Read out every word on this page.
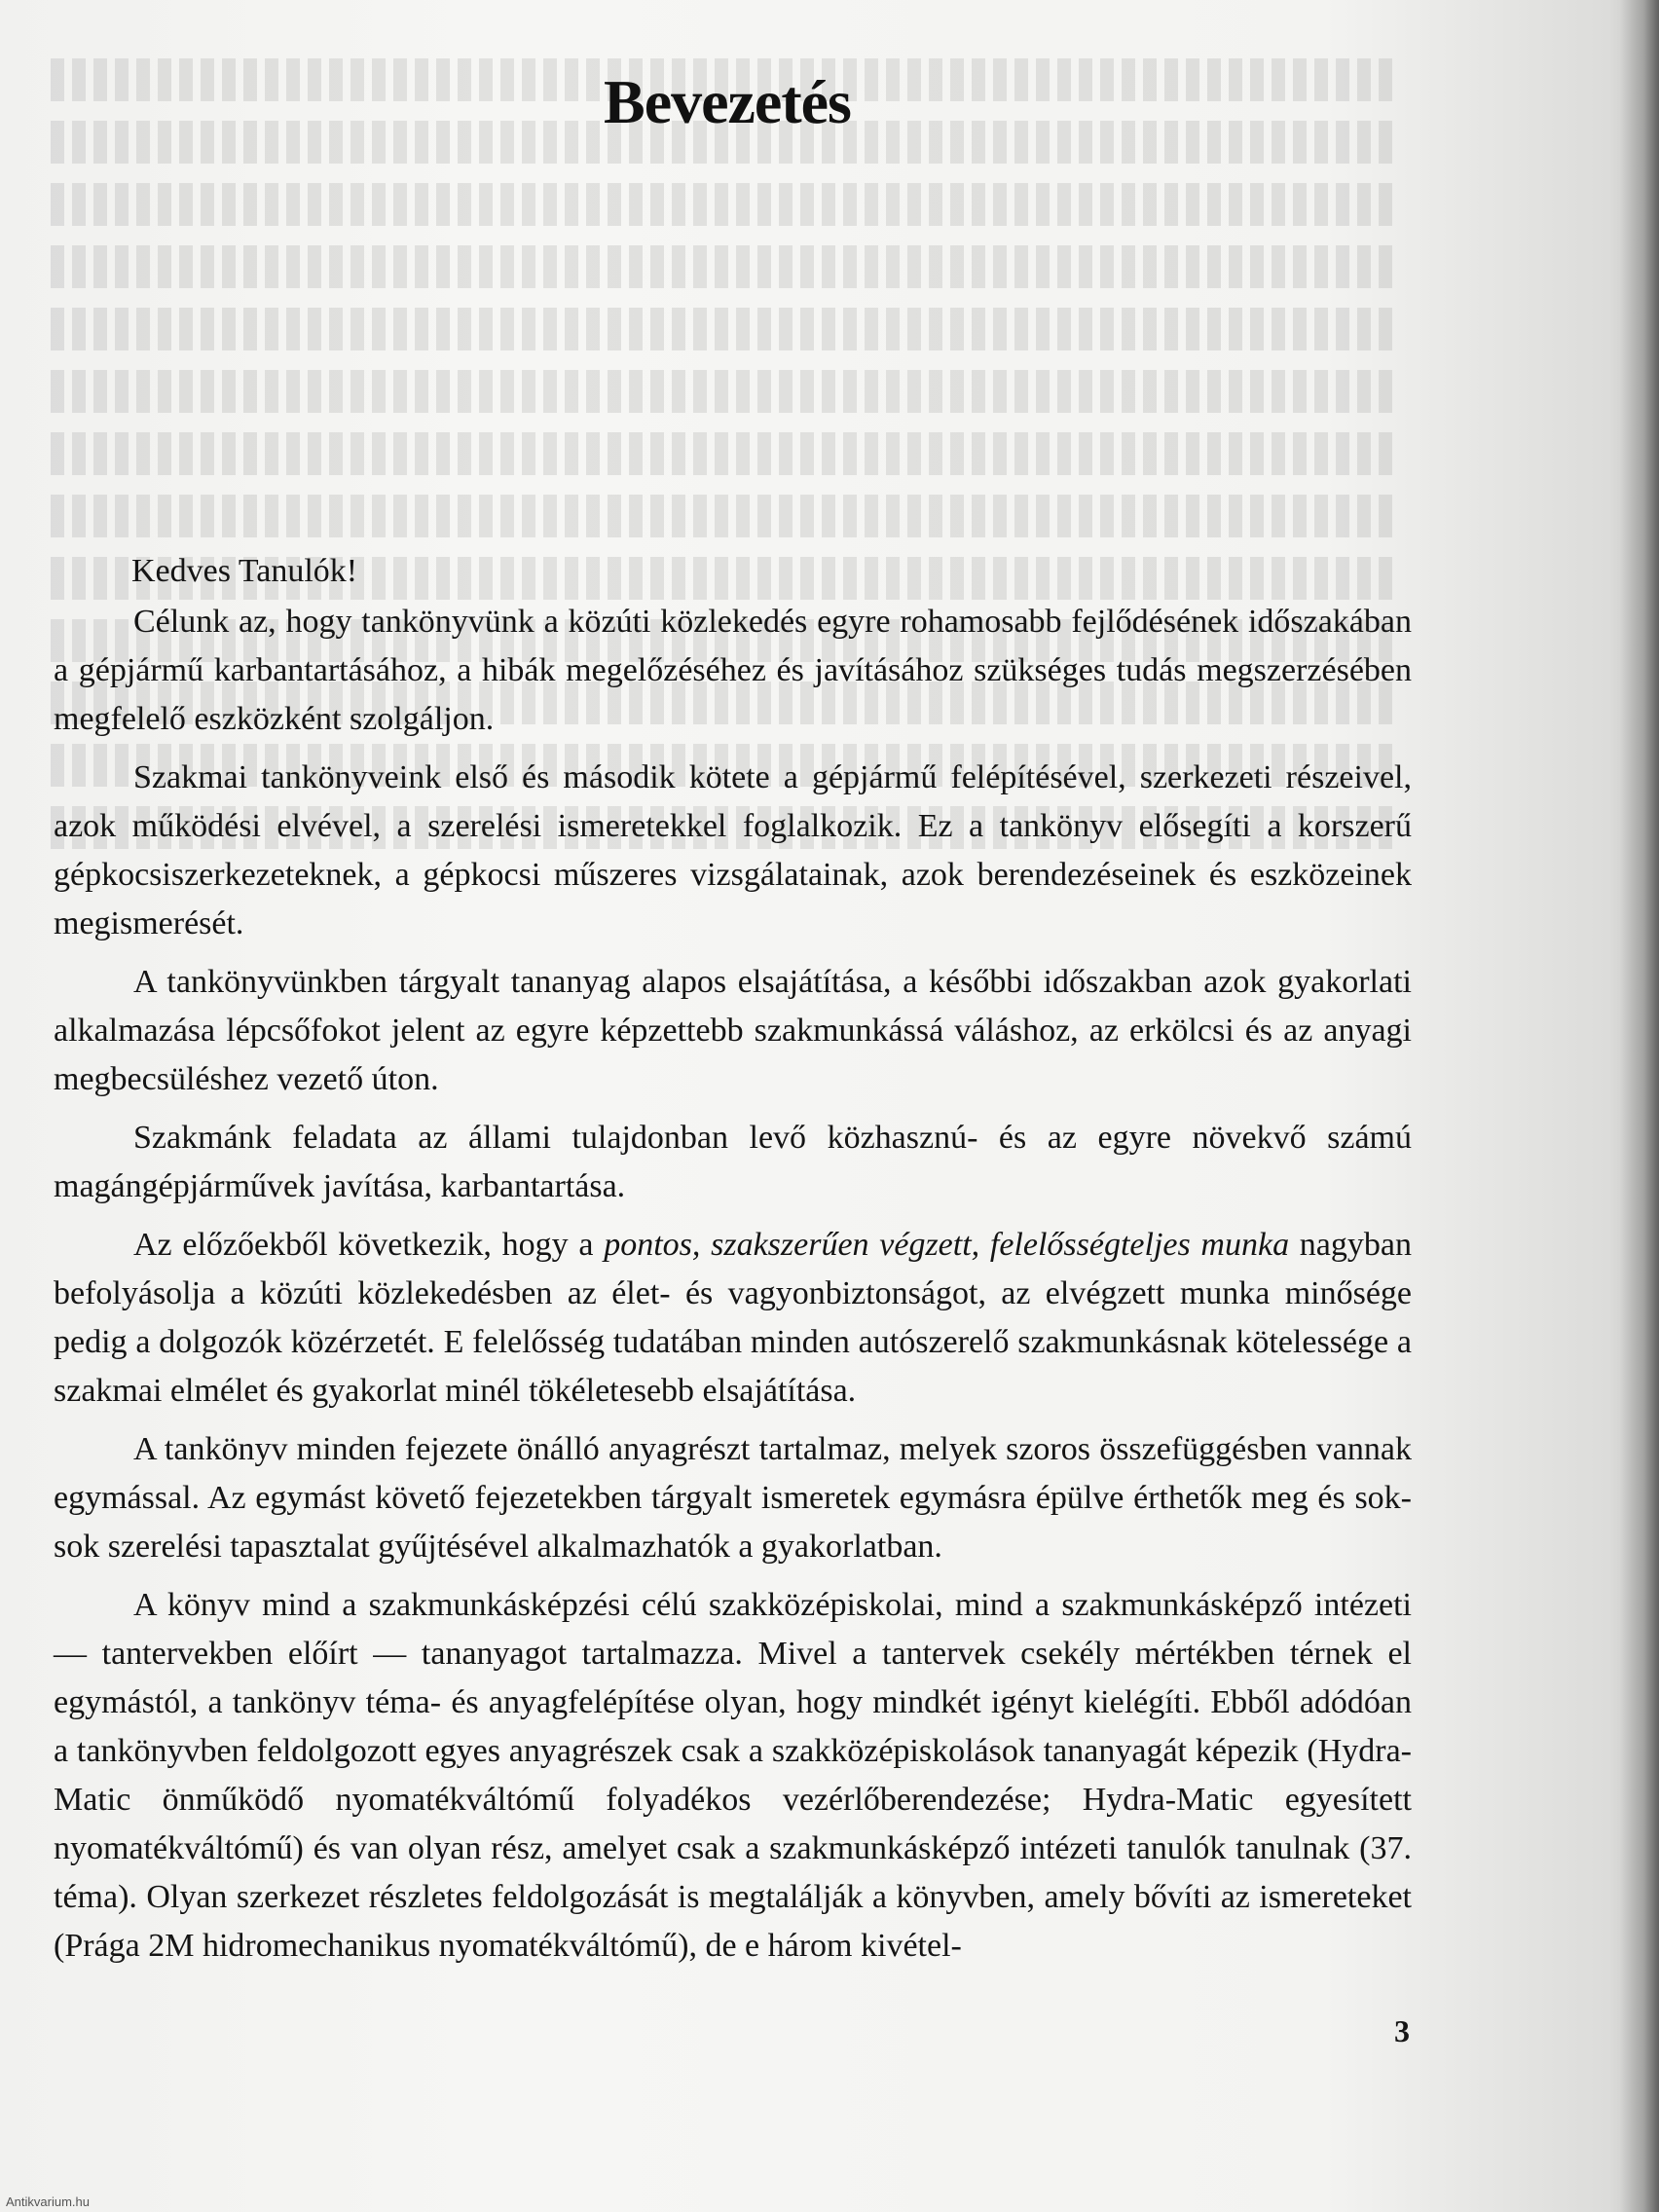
Bevezetés

Kedves Tanulók!

Célunk az, hogy tankönyvünk a közúti közlekedés egyre rohamosabb fejlődésének időszakában a gépjármű karbantartásához, a hibák megelőzéséhez és javításához szükséges tudás megszerzésében megfelelő eszközként szolgáljon.

Szakmai tankönyveink első és második kötete a gépjármű felépítésével, szerkezeti részeivel, azok működési elvével, a szerelési ismeretekkel foglalkozik. Ez a tankönyv elősegíti a korszerű gépkocsiszerkezeteknek, a gépkocsi műszeres vizsgálatainak, azok berendezéseinek és eszközeinek megismerését.

A tankönyvünkben tárgyalt tananyag alapos elsajátítása, a későbbi időszakban azok gyakorlati alkalmazása lépcsőfokot jelent az egyre képzettebb szakmunkássá váláshoz, az erkölcsi és az anyagi megbecsüléshez vezető úton.

Szakmánk feladata az állami tulajdonban levő közhasznú- és az egyre növekvő számú magángépjárművek javítása, karbantartása.

Az előzőekből következik, hogy a pontos, szakszerűen végzett, felelősségteljes munka nagyban befolyásolja a közúti közlekedésben az élet- és vagyonbiztonságot, az elvégzett munka minősége pedig a dolgozók közérzetét. E felelősség tudatában minden autószerelő szakmunkásnak kötelessége a szakmai elmélet és gyakorlat minél tökéletesebb elsajátítása.

A tankönyv minden fejezete önálló anyagrészt tartalmaz, melyek szoros összefüggésben vannak egymással. Az egymást követő fejezetekben tárgyalt ismeretek egymásra épülve érthetők meg és sok-sok szerelési tapasztalat gyűjtésével alkalmazhatók a gyakorlatban.

A könyv mind a szakmunkásképzési célú szakközépiskolai, mind a szakmunkásképző intézeti — tantervekben előírt — tananyagot tartalmazza. Mivel a tantervek csekély mértékben térnek el egymástól, a tankönyv téma- és anyagfelépítése olyan, hogy mindkét igényt kielégíti. Ebből adódóan a tankönyvben feldolgozott egyes anyagrészek csak a szakközépiskolások tananyagát képezik (Hydra-Matic önműködő nyomatékváltómű folyadékos vezérlőberendezése; Hydra-Matic egyesített nyomatékváltómű) és van olyan rész, amelyet csak a szakmunkásképző intézeti tanulók tanulnak (37. téma). Olyan szerkezet részletes feldolgozását is megtalálják a könyvben, amely bővíti az ismereteket (Prága 2M hidromechanikus nyomatékváltómű), de e három kivétel-

3
Antikvarium.hu
